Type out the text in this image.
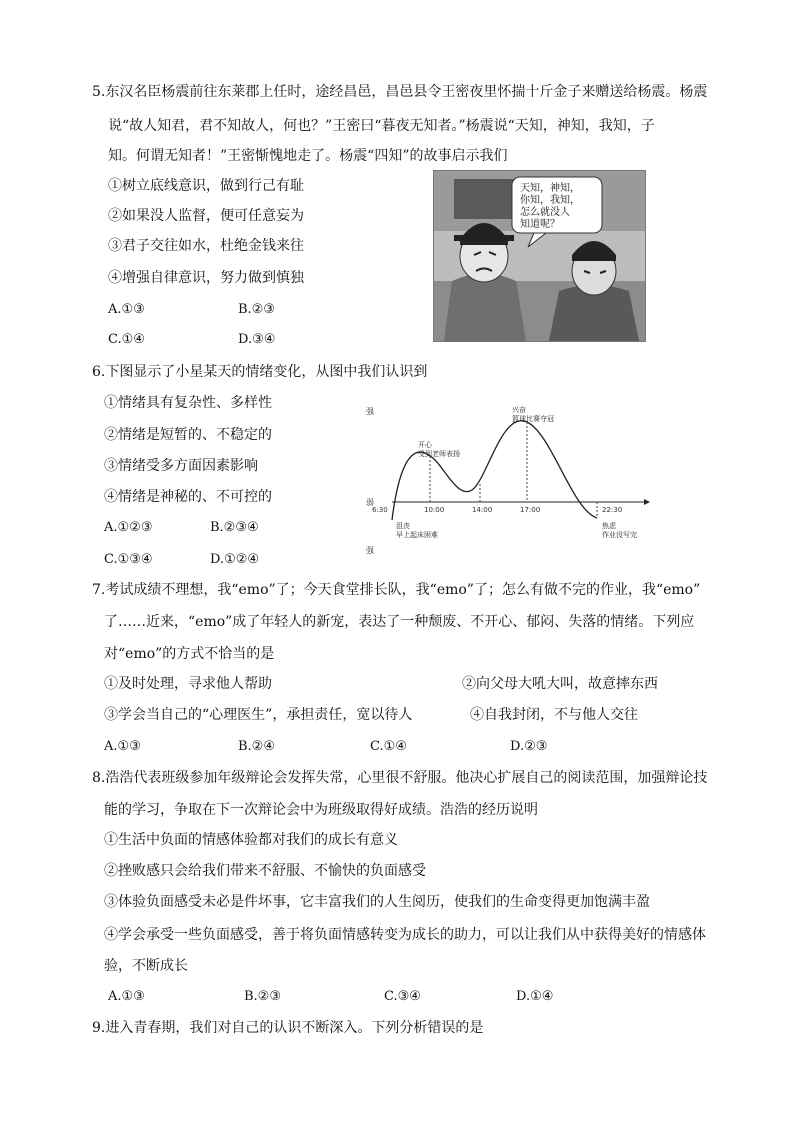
5.东汉名臣杨震前往东莱郡上任时，途经昌邑，昌邑县令王密夜里怀揣十斤金子来赠送给杨震。杨震
说“故人知君，君不知故人，何也？”王密曰“暮夜无知者。”杨震说“天知，神知，我知，子
知。何谓无知者！”王密惭愧地走了。杨震“四知”的故事启示我们
①树立底线意识，做到行己有耻
②如果没人监督，便可任意妄为
③君子交往如水，杜绝金钱来往
④增强自律意识，努力做到慎独
A.①③	B.②③
C.①④	D.③④
天知，神知，
你知，我知，
怎么就没人
知道呢？
6.下图显示了小星某天的情绪变化，从图中我们认识到
①情绪具有复杂性、多样性
②情绪是短暂的、不稳定的
③情绪受多方面因素影响
④情绪是神秘的、不可控的
A.①②③	B.②③④
C.①③④	D.①②④
强
弱
强
6:30	10:00	14:00	17:00	22:30
开心
受到老师表扬
兴奋
篮球比赛夺冠
沮丧
早上起床困难
焦虑
作业没写完
7.考试成绩不理想，我“emo”了；今天食堂排长队，我“emo”了；怎么有做不完的作业，我“emo”
了……近来，“emo”成了年轻人的新宠，表达了一种颓废、不开心、郁闷、失落的情绪。下列应
对“emo”的方式不恰当的是
①及时处理，寻求他人帮助	②向父母大吼大叫，故意摔东西
③学会当自己的“心理医生”，承担责任，宽以待人	④自我封闭，不与他人交往
A.①③	B.②④	C.①④	D.②③
8.浩浩代表班级参加年级辩论会发挥失常，心里很不舒服。他决心扩展自己的阅读范围，加强辩论技
能的学习，争取在下一次辩论会中为班级取得好成绩。浩浩的经历说明
①生活中负面的情感体验都对我们的成长有意义
②挫败感只会给我们带来不舒服、不愉快的负面感受
③体验负面感受未必是件坏事，它丰富我们的人生阅历，使我们的生命变得更加饱满丰盈
④学会承受一些负面感受，善于将负面情感转变为成长的助力，可以让我们从中获得美好的情感体
验，不断成长
A.①③	B.②③	C.③④	D.①④
9.进入青春期，我们对自己的认识不断深入。下列分析错误的是
